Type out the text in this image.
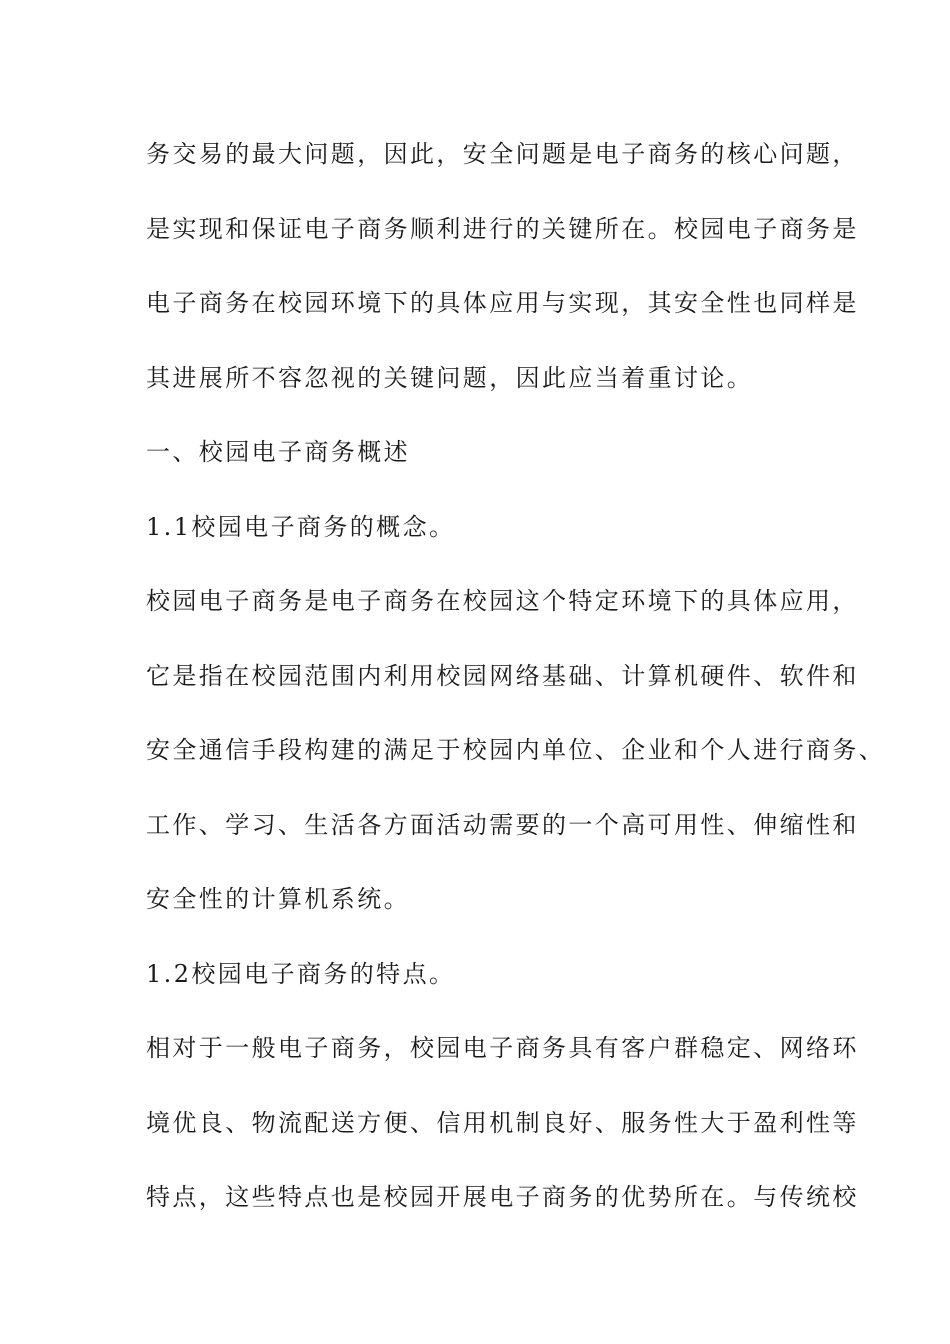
务交易的最大问题，因此，安全问题是电子商务的核心问题，

是实现和保证电子商务顺利进行的关键所在。校园电子商务是

电子商务在校园环境下的具体应用与实现，其安全性也同样是

其进展所不容忽视的关键问题，因此应当着重讨论。

一、校园电子商务概述

1.1校园电子商务的概念。

校园电子商务是电子商务在校园这个特定环境下的具体应用，

它是指在校园范围内利用校园网络基础、计算机硬件、软件和

安全通信手段构建的满足于校园内单位、企业和个人进行商务、

工作、学习、生活各方面活动需要的一个高可用性、伸缩性和

安全性的计算机系统。

1.2校园电子商务的特点。

相对于一般电子商务，校园电子商务具有客户群稳定、网络环

境优良、物流配送方便、信用机制良好、服务性大于盈利性等

特点，这些特点也是校园开展电子商务的优势所在。与传统校
